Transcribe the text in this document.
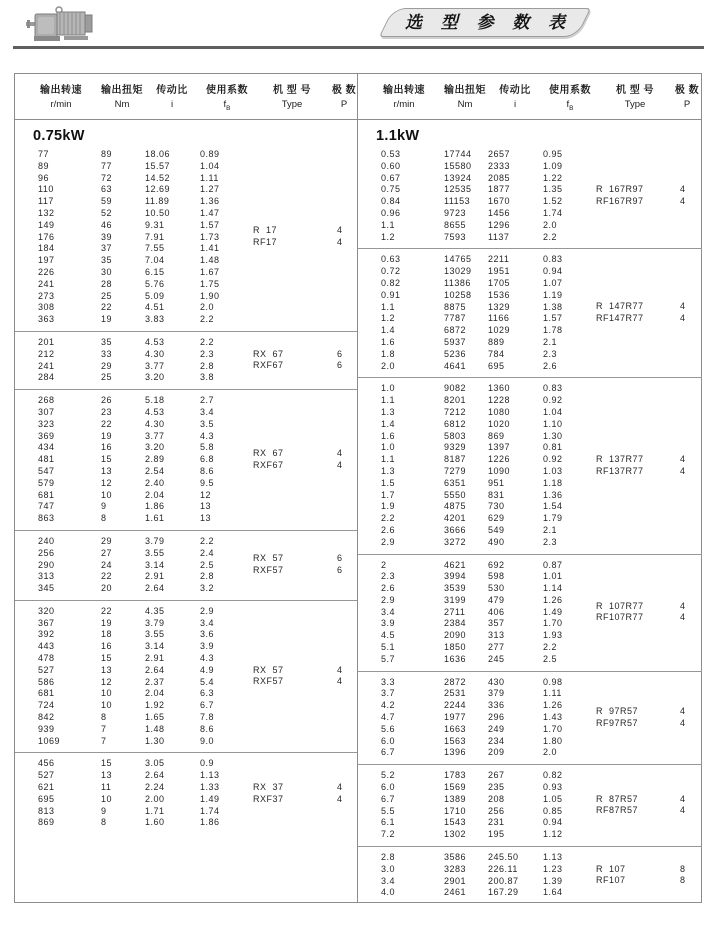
选 型 参 数 表
输出转速	输出扭矩	传动比	使用系数	机 型 号	极 数
r/min	Nm	i	$f_B$	Type	P
0.75kW
77	89	18.06	0.89
89	77	15.57	1.04
96	72	14.52	1.11
110	63	12.69	1.27
117	59	11.89	1.36
132	52	10.50	1.47
149	46	9.31	1.57
176	39	7.91	1.73
184	37	7.55	1.41
197	35	7.04	1.48
226	30	6.15	1.67
241	28	5.76	1.75
273	25	5.09	1.90
308	22	4.51	2.0
363	19	3.83	2.2
R  17	4
RF17	4
201	35	4.53	2.2
212	33	4.30	2.3
241	29	3.77	2.8
284	25	3.20	3.8
RX  67	6
RXF67	6
268	26	5.18	2.7
307	23	4.53	3.4
323	22	4.30	3.5
369	19	3.77	4.3
434	16	3.20	5.8
481	15	2.89	6.8
547	13	2.54	8.6
579	12	2.40	9.5
681	10	2.04	12
747	9	1.86	13
863	8	1.61	13
RX  67	4
RXF67	4
240	29	3.79	2.2
256	27	3.55	2.4
290	24	3.14	2.5
313	22	2.91	2.8
345	20	2.64	3.2
RX  57	6
RXF57	6
320	22	4.35	2.9
367	19	3.79	3.4
392	18	3.55	3.6
443	16	3.14	3.9
478	15	2.91	4.3
527	13	2.64	4.9
586	12	2.37	5.4
681	10	2.04	6.3
724	10	1.92	6.7
842	8	1.65	7.8
939	7	1.48	8.6
1069	7	1.30	9.0
RX  57	4
RXF57	4
456	15	3.05	0.9
527	13	2.64	1.13
621	11	2.24	1.33
695	10	2.00	1.49
813	9	1.71	1.74
869	8	1.60	1.86
RX  37	4
RXF37	4
输出转速	输出扭矩	传动比	使用系数	机 型 号	极 数
r/min	Nm	i	$f_B$	Type	P
1.1kW
0.53	17744	2657	0.95
0.60	15580	2333	1.09
0.67	13924	2085	1.22
0.75	12535	1877	1.35
0.84	11153	1670	1.52
0.96	9723	1456	1.74
1.1	8655	1296	2.0
1.2	7593	1137	2.2
R  167R97	4
RF167R97	4
0.63	14765	2211	0.83
0.72	13029	1951	0.94
0.82	11386	1705	1.07
0.91	10258	1536	1.19
1.1	8875	1329	1.38
1.2	7787	1166	1.57
1.4	6872	1029	1.78
1.6	5937	889	2.1
1.8	5236	784	2.3
2.0	4641	695	2.6
R  147R77	4
RF147R77	4
1.0	9082	1360	0.83
1.1	8201	1228	0.92
1.3	7212	1080	1.04
1.4	6812	1020	1.10
1.6	5803	869	1.30
1.0	9329	1397	0.81
1.1	8187	1226	0.92
1.3	7279	1090	1.03
1.5	6351	951	1.18
1.7	5550	831	1.36
1.9	4875	730	1.54
2.2	4201	629	1.79
2.6	3666	549	2.1
2.9	3272	490	2.3
R  137R77	4
RF137R77	4
2	4621	692	0.87
2.3	3994	598	1.01
2.6	3539	530	1.14
2.9	3199	479	1.26
3.4	2711	406	1.49
3.9	2384	357	1.70
4.5	2090	313	1.93
5.1	1850	277	2.2
5.7	1636	245	2.5
R  107R77	4
RF107R77	4
3.3	2872	430	0.98
3.7	2531	379	1.11
4.2	2244	336	1.26
4.7	1977	296	1.43
5.6	1663	249	1.70
6.0	1563	234	1.80
6.7	1396	209	2.0
R  97R57	4
RF97R57	4
5.2	1783	267	0.82
6.0	1569	235	0.93
6.7	1389	208	1.05
5.5	1710	256	0.85
6.1	1543	231	0.94
7.2	1302	195	1.12
R  87R57	4
RF87R57	4
2.8	3586	245.50	1.13
3.0	3283	226.11	1.23
3.4	2901	200.87	1.39
4.0	2461	167.29	1.64
R  107	8
RF107	8
